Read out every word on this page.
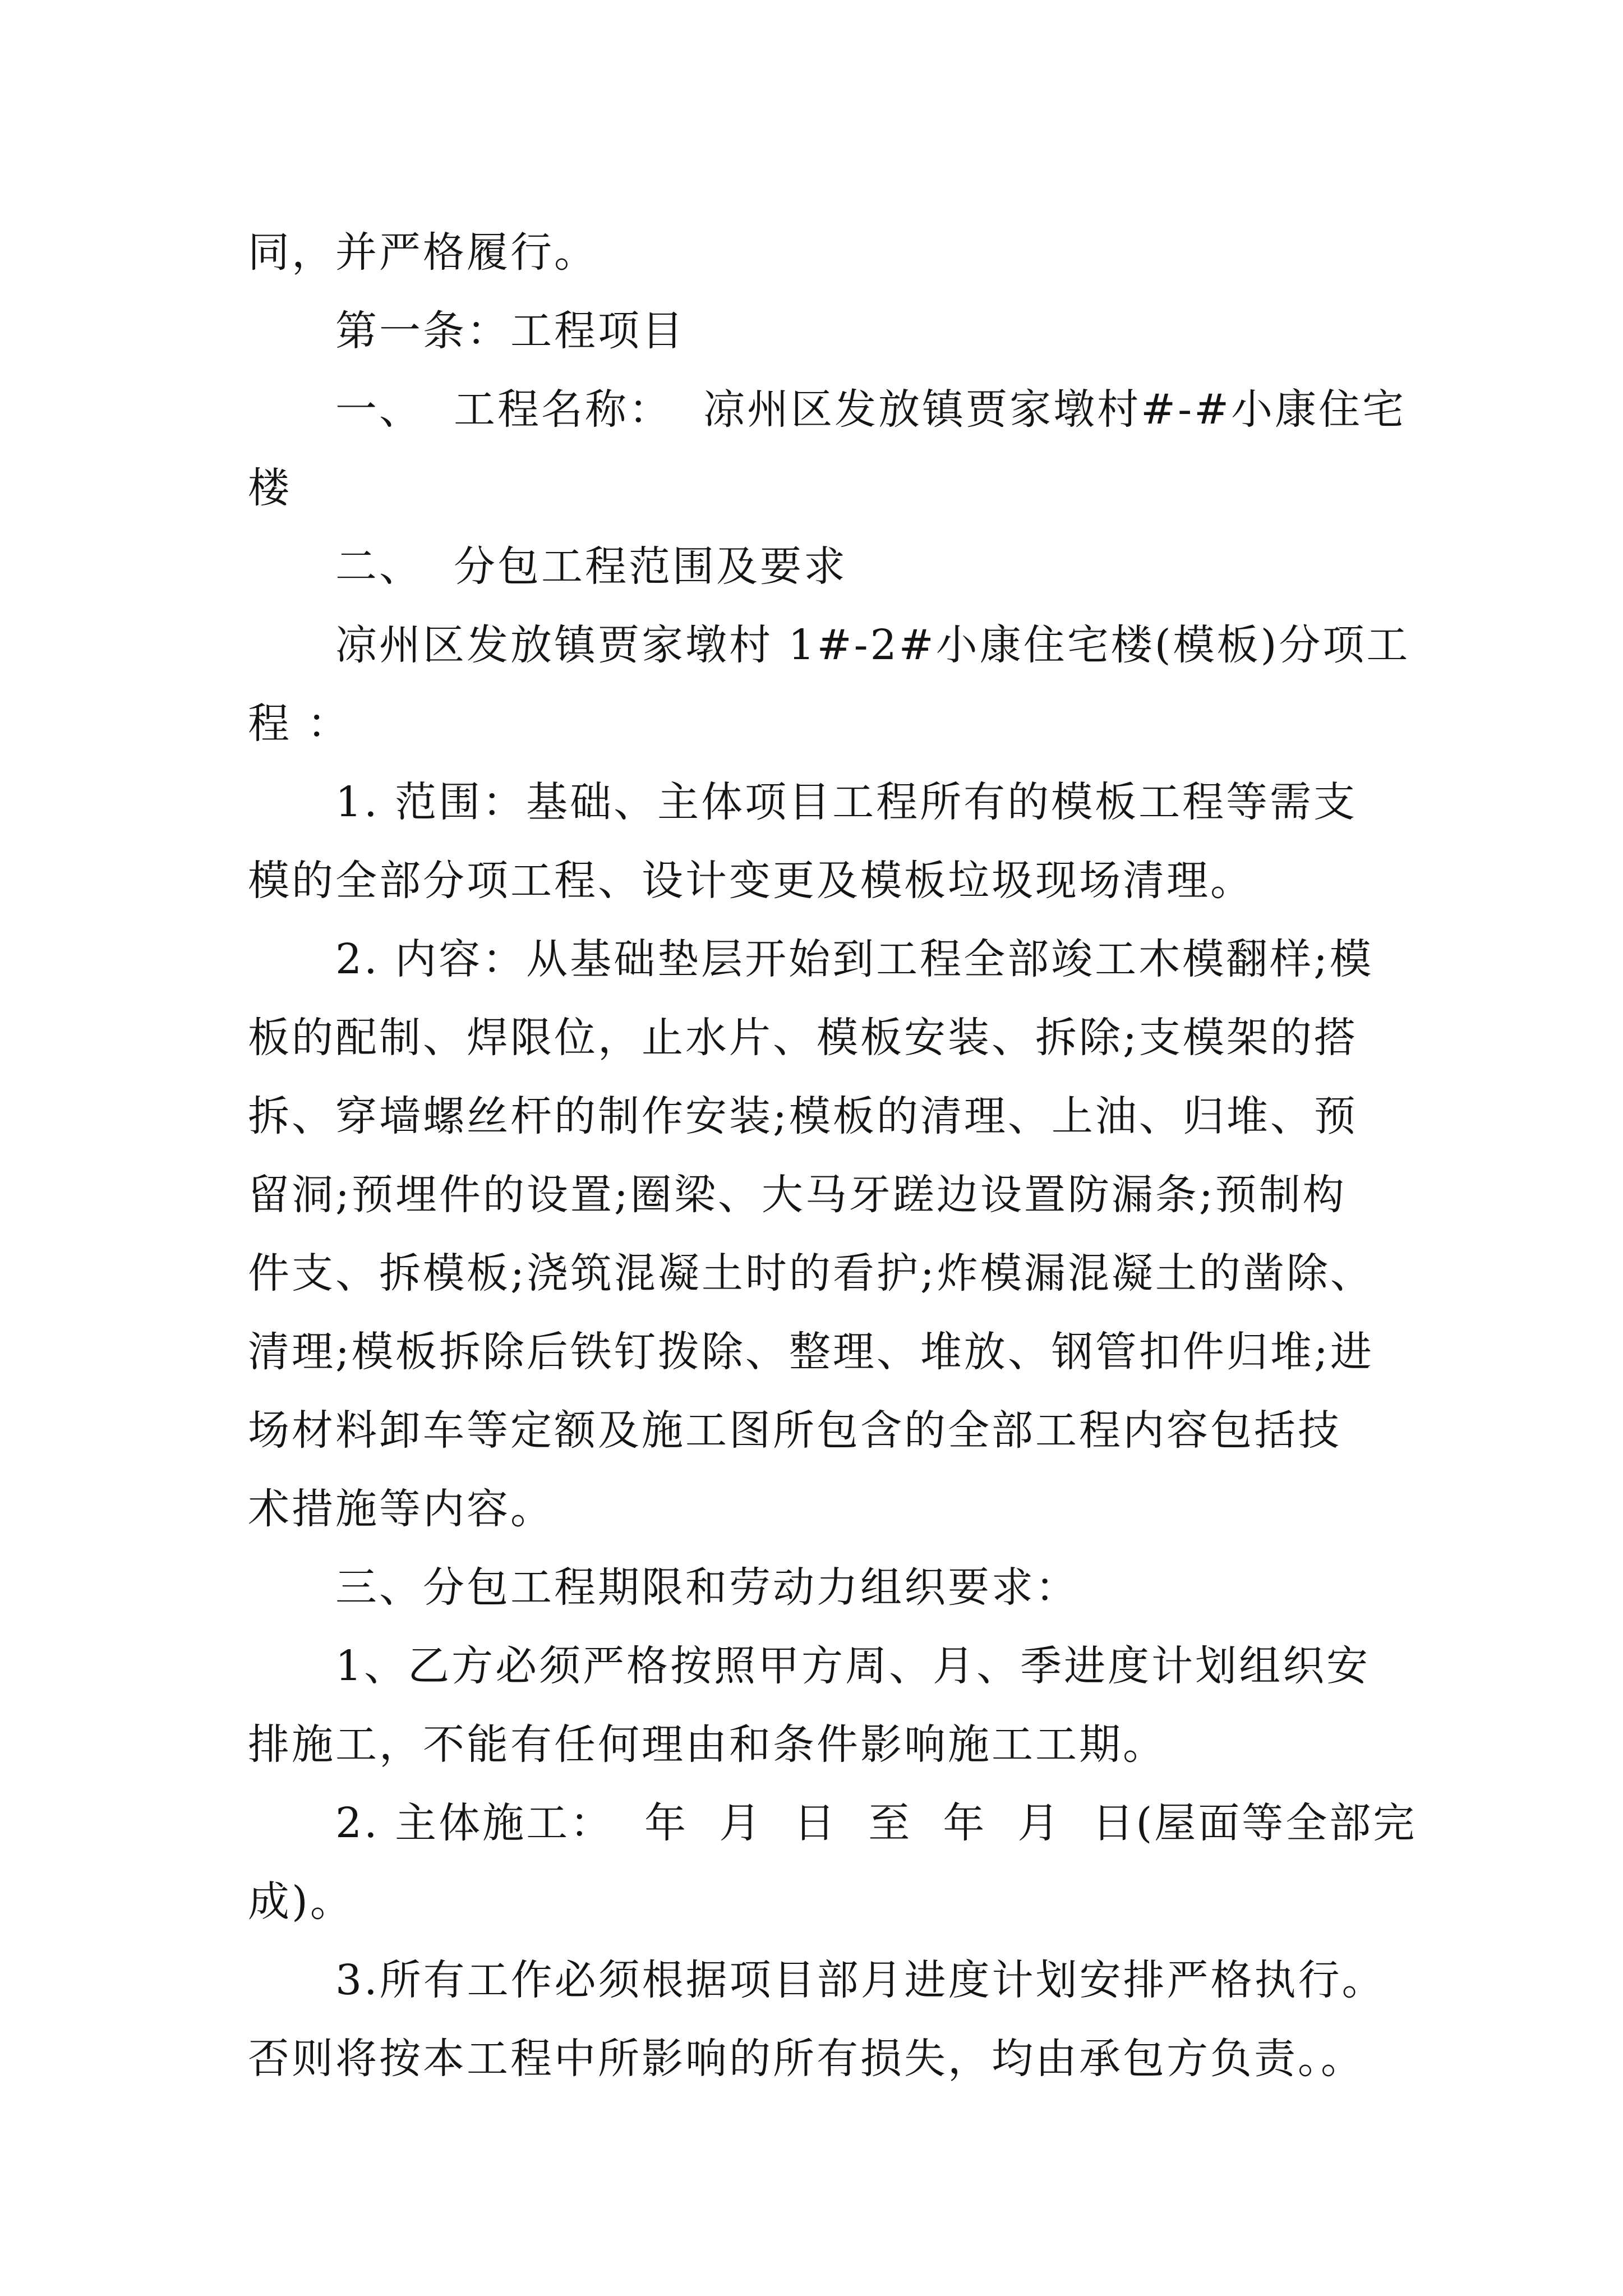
同，并严格履行。
第一条：工程项目
一、  工程名称：  凉州区发放镇贾家墩村#-#小康住宅
楼
二、  分包工程范围及要求
凉州区发放镇贾家墩村 1#-2#小康住宅楼(模板)分项工
程 ：
1. 范围：基础、主体项目工程所有的模板工程等需支
模的全部分项工程、设计变更及模板垃圾现场清理。
2. 内容：从基础垫层开始到工程全部竣工木模翻样;模
板的配制、焊限位，止水片、模板安装、拆除;支模架的搭
拆、穿墙螺丝杆的制作安装;模板的清理、上油、归堆、预
留洞;预埋件的设置;圈梁、大马牙蹉边设置防漏条;预制构
件支、拆模板;浇筑混凝土时的看护;炸模漏混凝土的凿除、
清理;模板拆除后铁钉拨除、整理、堆放、钢管扣件归堆;进
场材料卸车等定额及施工图所包含的全部工程内容包括技
术措施等内容。
三、分包工程期限和劳动力组织要求：
1、乙方必须严格按照甲方周、月、季进度计划组织安
排施工，不能有任何理由和条件影响施工工期。
2. 主体施工：  年  月  日  至  年  月  日(屋面等全部完
成)。
3.所有工作必须根据项目部月进度计划安排严格执行。
否则将按本工程中所影响的所有损失，均由承包方负责。。
